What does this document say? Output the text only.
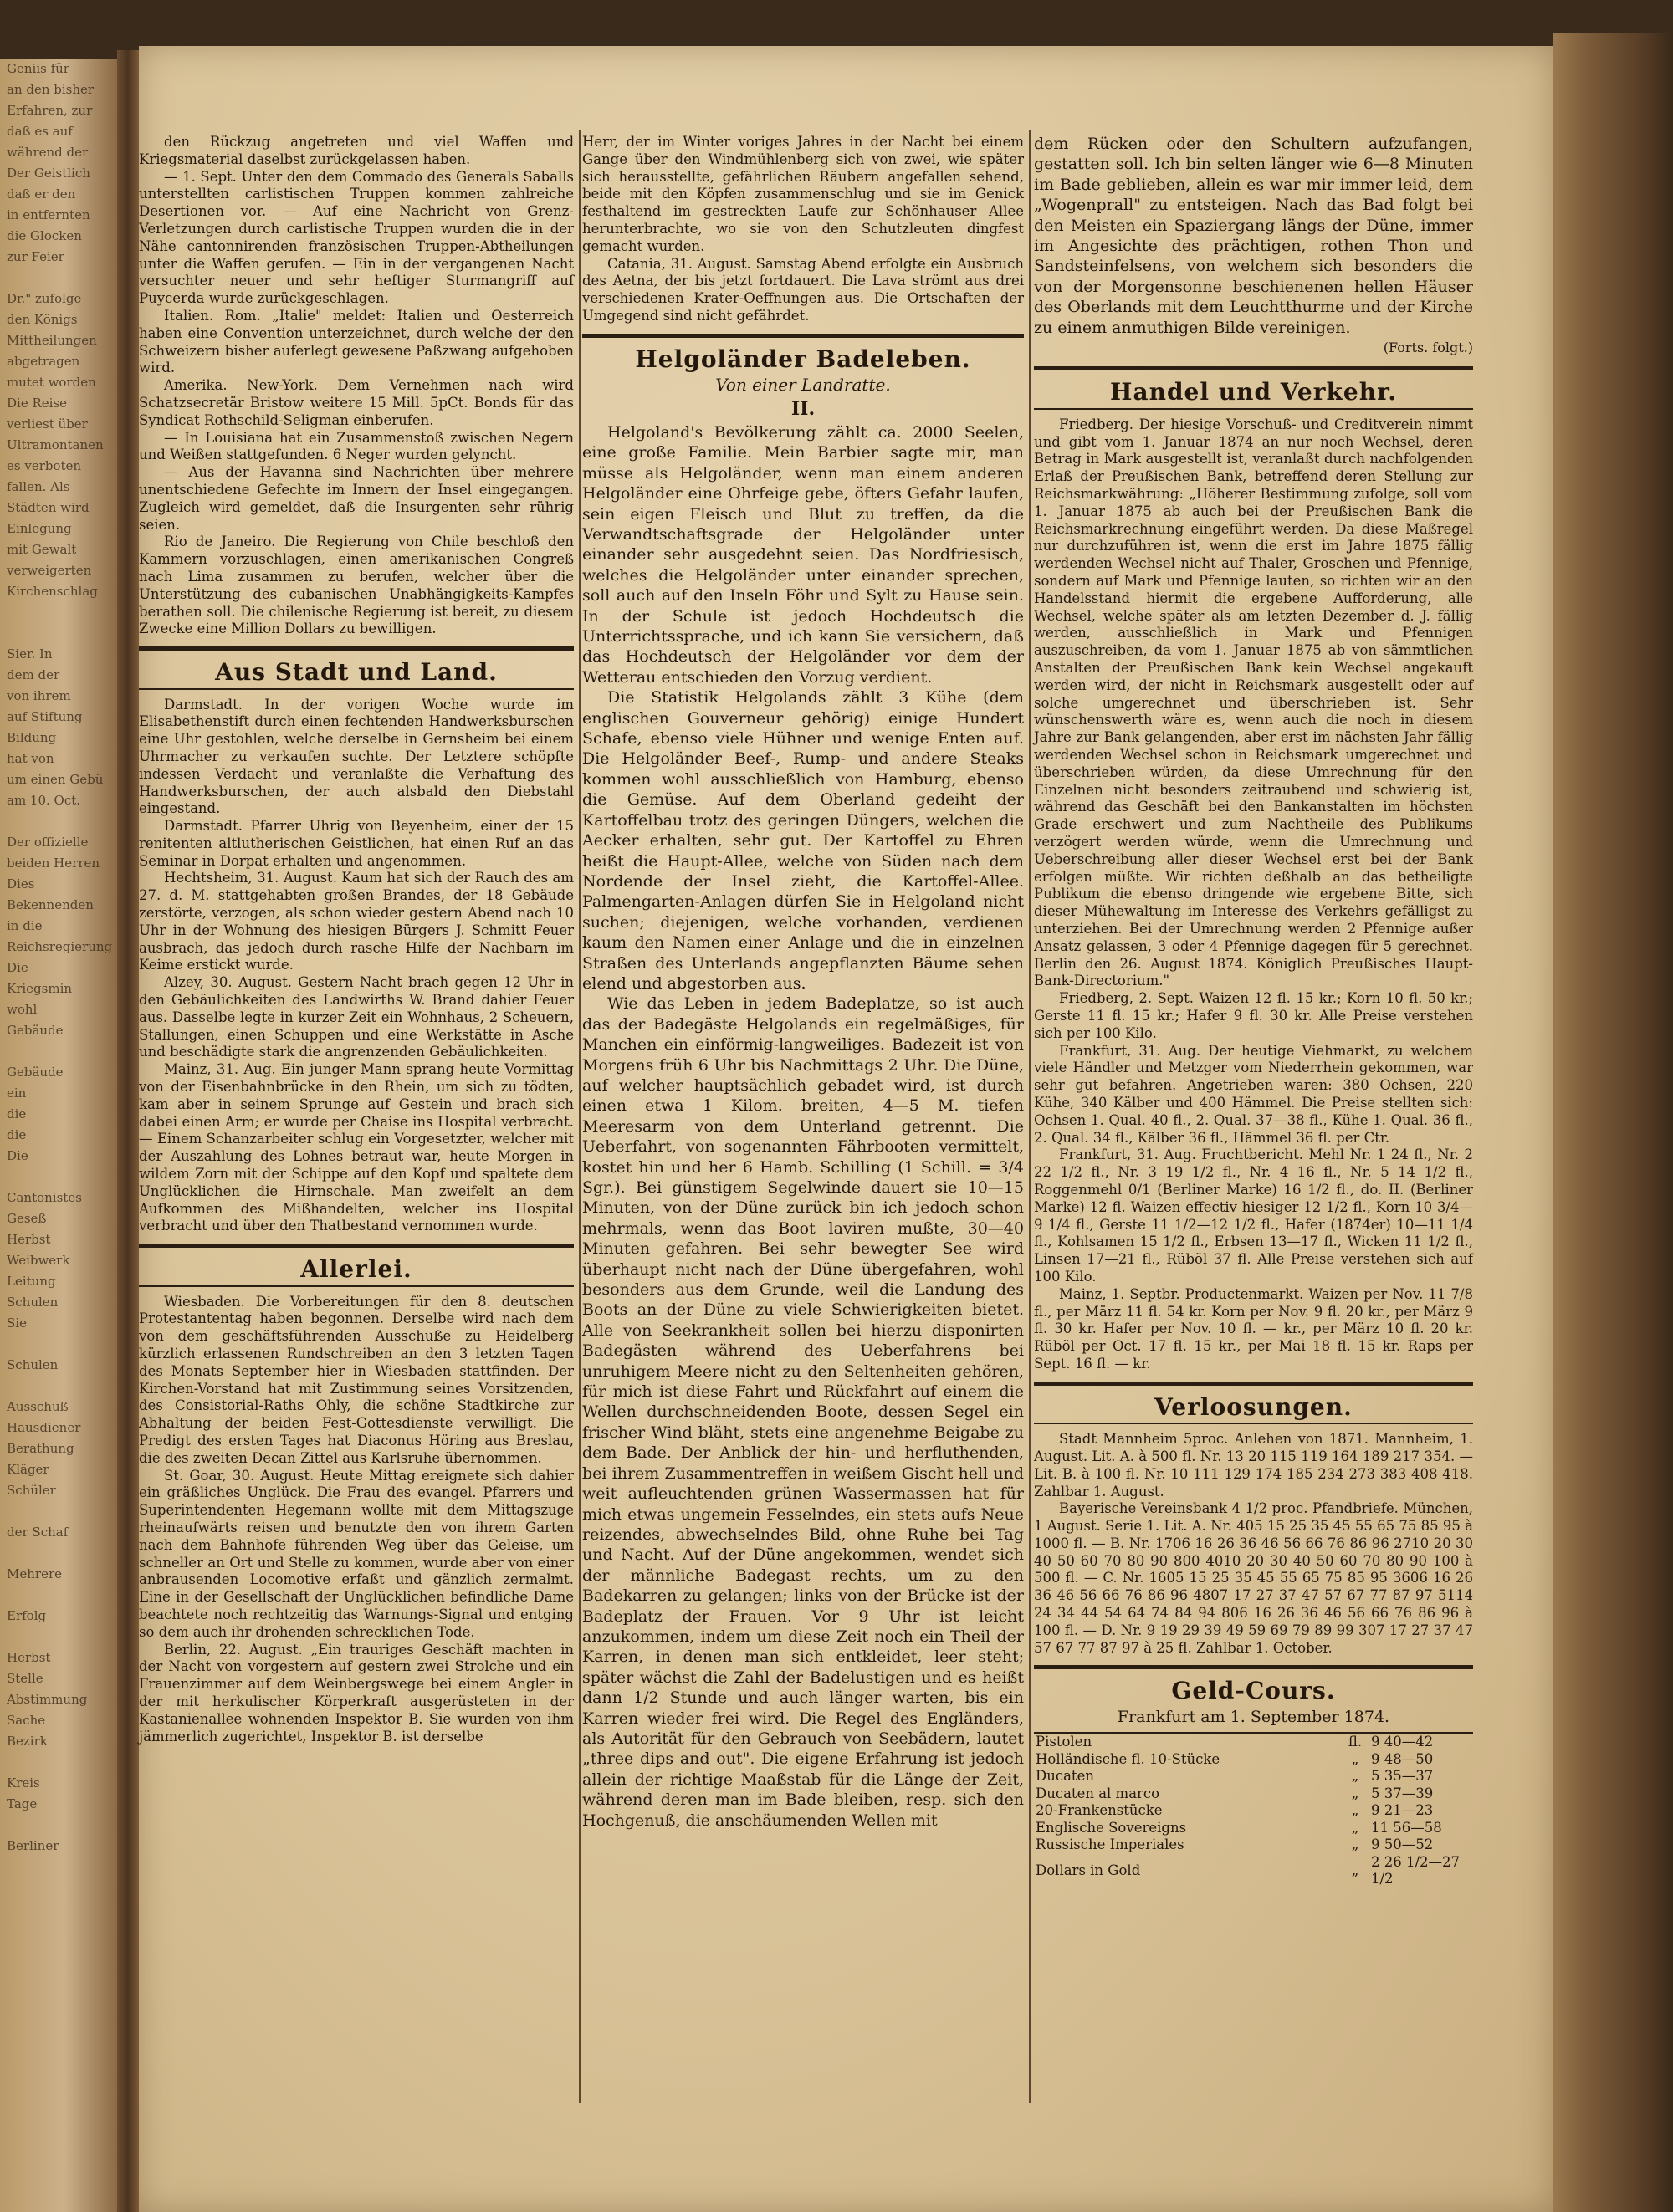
Geniis für

an den bisher

Erfahren, zur

daß es auf

während der

Der Geistlich

daß er den

in entfernten

die Glocken

zur Feier

Dr." zufolge

den Königs

Mittheilungen

abgetragen

mutet worden

Die Reise

verliest über

Ultramontanen

es verboten

fallen. Als

Städten wird

Einlegung

mit Gewalt

verweigerten

Kirchenschlag

Sier. In

dem der

von ihrem

auf Stiftung

Bildung

hat von

um einen Gebü

am 10. Oct.

Der offizielle

beiden Herren

Dies

Bekennenden

in die

Reichsregierung

Die

Kriegsmin

wohl

Gebäude

Gebäude

ein

die

die

Die

Cantonistes

Geseß

Herbst

Weibwerk

Leitung

Schulen

Sie

Schulen

Ausschuß

Hausdiener

Berathung

Kläger

Schüler

der Schaf

Mehrere

Erfolg

Herbst

Stelle

Abstimmung

Sache

Bezirk

Kreis

Tage

Berliner

den Rückzug angetreten und viel Waffen und Kriegsmaterial daselbst zurückgelassen haben.

— 1. Sept. Unter den dem Commado des Generals Saballs unterstellten carlistischen Truppen kommen zahlreiche Desertionen vor. — Auf eine Nachricht von Grenz-Verletzungen durch carlistische Truppen wurden die in der Nähe cantonnirenden französischen Truppen-Abtheilungen unter die Waffen gerufen. — Ein in der vergangenen Nacht versuchter neuer und sehr heftiger Sturmangriff auf Puycerda wurde zurückgeschlagen.

Italien. Rom. „Italie" meldet: Italien und Oesterreich haben eine Convention unterzeichnet, durch welche der den Schweizern bisher auferlegt gewesene Paßzwang aufgehoben wird.

Amerika. New-York. Dem Vernehmen nach wird Schatzsecretär Bristow weitere 15 Mill. 5pCt. Bonds für das Syndicat Rothschild-Seligman einberufen.

— In Louisiana hat ein Zusammenstoß zwischen Negern und Weißen stattgefunden. 6 Neger wurden gelyncht.

— Aus der Havanna sind Nachrichten über mehrere unentschiedene Gefechte im Innern der Insel eingegangen. Zugleich wird gemeldet, daß die Insurgenten sehr rührig seien.

Rio de Janeiro. Die Regierung von Chile beschloß den Kammern vorzuschlagen, einen amerikanischen Congreß nach Lima zusammen zu berufen, welcher über die Unterstützung des cubanischen Unabhängigkeits-Kampfes berathen soll. Die chilenische Regierung ist bereit, zu diesem Zwecke eine Million Dollars zu bewilligen.

Aus Stadt und Land.

Darmstadt. In der vorigen Woche wurde im Elisabethenstift durch einen fechtenden Handwerksburschen eine Uhr gestohlen, welche derselbe in Gernsheim bei einem Uhrmacher zu verkaufen suchte. Der Letztere schöpfte indessen Verdacht und veranlaßte die Verhaftung des Handwerksburschen, der auch alsbald den Diebstahl eingestand.

Darmstadt. Pfarrer Uhrig von Beyenheim, einer der 15 renitenten altlutherischen Geistlichen, hat einen Ruf an das Seminar in Dorpat erhalten und angenommen.

Hechtsheim, 31. August. Kaum hat sich der Rauch des am 27. d. M. stattgehabten großen Brandes, der 18 Gebäude zerstörte, verzogen, als schon wieder gestern Abend nach 10 Uhr in der Wohnung des hiesigen Bürgers J. Schmitt Feuer ausbrach, das jedoch durch rasche Hilfe der Nachbarn im Keime erstickt wurde.

Alzey, 30. August. Gestern Nacht brach gegen 12 Uhr in den Gebäulichkeiten des Landwirths W. Brand dahier Feuer aus. Dasselbe legte in kurzer Zeit ein Wohnhaus, 2 Scheuern, Stallungen, einen Schuppen und eine Werkstätte in Asche und beschädigte stark die angrenzenden Gebäulichkeiten.

Mainz, 31. Aug. Ein junger Mann sprang heute Vormittag von der Eisenbahnbrücke in den Rhein, um sich zu tödten, kam aber in seinem Sprunge auf Gestein und brach sich dabei einen Arm; er wurde per Chaise ins Hospital verbracht. — Einem Schanzarbeiter schlug ein Vorgesetzter, welcher mit der Auszahlung des Lohnes betraut war, heute Morgen in wildem Zorn mit der Schippe auf den Kopf und spaltete dem Unglücklichen die Hirnschale. Man zweifelt an dem Aufkommen des Mißhandelten, welcher ins Hospital verbracht und über den Thatbestand vernommen wurde.

Allerlei.

Wiesbaden. Die Vorbereitungen für den 8. deutschen Protestantentag haben begonnen. Derselbe wird nach dem von dem geschäftsführenden Ausschuße zu Heidelberg kürzlich erlassenen Rundschreiben an den 3 letzten Tagen des Monats September hier in Wiesbaden stattfinden. Der Kirchen-Vorstand hat mit Zustimmung seines Vorsitzenden, des Consistorial-Raths Ohly, die schöne Stadtkirche zur Abhaltung der beiden Fest-Gottesdienste verwilligt. Die Predigt des ersten Tages hat Diaconus Höring aus Breslau, die des zweiten Decan Zittel aus Karlsruhe übernommen.

St. Goar, 30. August. Heute Mittag ereignete sich dahier ein gräßliches Unglück. Die Frau des evangel. Pfarrers und Superintendenten Hegemann wollte mit dem Mittagszuge rheinaufwärts reisen und benutzte den von ihrem Garten nach dem Bahnhofe führenden Weg über das Geleise, um schneller an Ort und Stelle zu kommen, wurde aber von einer anbrausenden Locomotive erfaßt und gänzlich zermalmt. Eine in der Gesellschaft der Unglücklichen befindliche Dame beachtete noch rechtzeitig das Warnungs-Signal und entging so dem auch ihr drohenden schrecklichen Tode.

Berlin, 22. August. „Ein trauriges Geschäft machten in der Nacht von vorgestern auf gestern zwei Strolche und ein Frauenzimmer auf dem Weinbergswege bei einem Angler in der mit herkulischer Körperkraft ausgerüsteten in der Kastanienallee wohnenden Inspektor B. Sie wurden von ihm jämmerlich zugerichtet, Inspektor B. ist derselbe

Herr, der im Winter voriges Jahres in der Nacht bei einem Gange über den Windmühlenberg sich von zwei, wie später sich herausstellte, gefährlichen Räubern angefallen sehend, beide mit den Köpfen zusammenschlug und sie im Genick festhaltend im gestreckten Laufe zur Schönhauser Allee herunterbrachte, wo sie von den Schutzleuten dingfest gemacht wurden.

Catania, 31. August. Samstag Abend erfolgte ein Ausbruch des Aetna, der bis jetzt fortdauert. Die Lava strömt aus drei verschiedenen Krater-Oeffnungen aus. Die Ortschaften der Umgegend sind nicht gefährdet.

Helgoländer Badeleben.
Von einer Landratte.
II.

Helgoland's Bevölkerung zählt ca. 2000 Seelen, eine große Familie. Mein Barbier sagte mir, man müsse als Helgoländer, wenn man einem anderen Helgoländer eine Ohrfeige gebe, öfters Gefahr laufen, sein eigen Fleisch und Blut zu treffen, da die Verwandtschaftsgrade der Helgoländer unter einander sehr ausgedehnt seien. Das Nordfriesisch, welches die Helgoländer unter einander sprechen, soll auch auf den Inseln Föhr und Sylt zu Hause sein. In der Schule ist jedoch Hochdeutsch die Unterrichtssprache, und ich kann Sie versichern, daß das Hochdeutsch der Helgoländer vor dem der Wetterau entschieden den Vorzug verdient.

Die Statistik Helgolands zählt 3 Kühe (dem englischen Gouverneur gehörig) einige Hundert Schafe, ebenso viele Hühner und wenige Enten auf. Die Helgoländer Beef-, Rump- und andere Steaks kommen wohl ausschließlich von Hamburg, ebenso die Gemüse. Auf dem Oberland gedeiht der Kartoffelbau trotz des geringen Düngers, welchen die Aecker erhalten, sehr gut. Der Kartoffel zu Ehren heißt die Haupt-Allee, welche von Süden nach dem Nordende der Insel zieht, die Kartoffel-Allee. Palmengarten-Anlagen dürfen Sie in Helgoland nicht suchen; diejenigen, welche vorhanden, verdienen kaum den Namen einer Anlage und die in einzelnen Straßen des Unterlands angepflanzten Bäume sehen elend und abgestorben aus.

Wie das Leben in jedem Badeplatze, so ist auch das der Badegäste Helgolands ein regelmäßiges, für Manchen ein einförmig-langweiliges. Badezeit ist von Morgens früh 6 Uhr bis Nachmittags 2 Uhr. Die Düne, auf welcher hauptsächlich gebadet wird, ist durch einen etwa 1 Kilom. breiten, 4—5 M. tiefen Meeresarm von dem Unterland getrennt. Die Ueberfahrt, von sogenannten Fährbooten vermittelt, kostet hin und her 6 Hamb. Schilling (1 Schill. = 3/4 Sgr.). Bei günstigem Segelwinde dauert sie 10—15 Minuten, von der Düne zurück bin ich jedoch schon mehrmals, wenn das Boot laviren mußte, 30—40 Minuten gefahren. Bei sehr bewegter See wird überhaupt nicht nach der Düne übergefahren, wohl besonders aus dem Grunde, weil die Landung des Boots an der Düne zu viele Schwierigkeiten bietet. Alle von Seekrankheit sollen bei hierzu disponirten Badegästen während des Ueberfahrens bei unruhigem Meere nicht zu den Seltenheiten gehören, für mich ist diese Fahrt und Rückfahrt auf einem die Wellen durchschneidenden Boote, dessen Segel ein frischer Wind bläht, stets eine angenehme Beigabe zu dem Bade. Der Anblick der hin- und herfluthenden, bei ihrem Zusammentreffen in weißem Gischt hell und weit aufleuchtenden grünen Wassermassen hat für mich etwas ungemein Fesselndes, ein stets aufs Neue reizendes, abwechselndes Bild, ohne Ruhe bei Tag und Nacht. Auf der Düne angekommen, wendet sich der männliche Badegast rechts, um zu den Badekarren zu gelangen; links von der Brücke ist der Badeplatz der Frauen. Vor 9 Uhr ist leicht anzukommen, indem um diese Zeit noch ein Theil der Karren, in denen man sich entkleidet, leer steht; später wächst die Zahl der Badelustigen und es heißt dann 1/2 Stunde und auch länger warten, bis ein Karren wieder frei wird. Die Regel des Engländers, als Autorität für den Gebrauch von Seebädern, lautet „three dips and out". Die eigene Erfahrung ist jedoch allein der richtige Maaßstab für die Länge der Zeit, während deren man im Bade bleiben, resp. sich den Hochgenuß, die anschäumenden Wellen mit

dem Rücken oder den Schultern aufzufangen, gestatten soll. Ich bin selten länger wie 6—8 Minuten im Bade geblieben, allein es war mir immer leid, dem „Wogenprall" zu entsteigen. Nach das Bad folgt bei den Meisten ein Spaziergang längs der Düne, immer im Angesichte des prächtigen, rothen Thon und Sandsteinfelsens, von welchem sich besonders die von der Morgensonne beschienenen hellen Häuser des Oberlands mit dem Leuchtthurme und der Kirche zu einem anmuthigen Bilde vereinigen.

(Forts. folgt.)

Handel und Verkehr.

Friedberg. Der hiesige Vorschuß- und Creditverein nimmt und gibt vom 1. Januar 1874 an nur noch Wechsel, deren Betrag in Mark ausgestellt ist, veranlaßt durch nachfolgenden Erlaß der Preußischen Bank, betreffend deren Stellung zur Reichsmarkwährung: „Höherer Bestimmung zufolge, soll vom 1. Januar 1875 ab auch bei der Preußischen Bank die Reichsmarkrechnung eingeführt werden. Da diese Maßregel nur durchzuführen ist, wenn die erst im Jahre 1875 fällig werdenden Wechsel nicht auf Thaler, Groschen und Pfennige, sondern auf Mark und Pfennige lauten, so richten wir an den Handelsstand hiermit die ergebene Aufforderung, alle Wechsel, welche später als am letzten Dezember d. J. fällig werden, ausschließlich in Mark und Pfennigen auszuschreiben, da vom 1. Januar 1875 ab von sämmtlichen Anstalten der Preußischen Bank kein Wechsel angekauft werden wird, der nicht in Reichsmark ausgestellt oder auf solche umgerechnet und überschrieben ist. Sehr wünschenswerth wäre es, wenn auch die noch in diesem Jahre zur Bank gelangenden, aber erst im nächsten Jahr fällig werdenden Wechsel schon in Reichsmark umgerechnet und überschrieben würden, da diese Umrechnung für den Einzelnen nicht besonders zeitraubend und schwierig ist, während das Geschäft bei den Bankanstalten im höchsten Grade erschwert und zum Nachtheile des Publikums verzögert werden würde, wenn die Umrechnung und Ueberschreibung aller dieser Wechsel erst bei der Bank erfolgen müßte. Wir richten deßhalb an das betheiligte Publikum die ebenso dringende wie ergebene Bitte, sich dieser Mühewaltung im Interesse des Verkehrs gefälligst zu unterziehen. Bei der Umrechnung werden 2 Pfennige außer Ansatz gelassen, 3 oder 4 Pfennige dagegen für 5 gerechnet. Berlin den 26. August 1874. Königlich Preußisches Haupt-Bank-Directorium."

Friedberg, 2. Sept. Waizen 12 fl. 15 kr.; Korn 10 fl. 50 kr.; Gerste 11 fl. 15 kr.; Hafer 9 fl. 30 kr. Alle Preise verstehen sich per 100 Kilo.

Frankfurt, 31. Aug. Der heutige Viehmarkt, zu welchem viele Händler und Metzger vom Niederrhein gekommen, war sehr gut befahren. Angetrieben waren: 380 Ochsen, 220 Kühe, 340 Kälber und 400 Hämmel. Die Preise stellten sich: Ochsen 1. Qual. 40 fl., 2. Qual. 37—38 fl., Kühe 1. Qual. 36 fl., 2. Qual. 34 fl., Kälber 36 fl., Hämmel 36 fl. per Ctr.

Frankfurt, 31. Aug. Fruchtbericht. Mehl Nr. 1 24 fl., Nr. 2 22 1/2 fl., Nr. 3 19 1/2 fl., Nr. 4 16 fl., Nr. 5 14 1/2 fl., Roggenmehl 0/1 (Berliner Marke) 16 1/2 fl., do. II. (Berliner Marke) 12 fl. Waizen effectiv hiesiger 12 1/2 fl., Korn 10 3/4—9 1/4 fl., Gerste 11 1/2—12 1/2 fl., Hafer (1874er) 10—11 1/4 fl., Kohlsamen 15 1/2 fl., Erbsen 13—17 fl., Wicken 11 1/2 fl., Linsen 17—21 fl., Rüböl 37 fl. Alle Preise verstehen sich auf 100 Kilo.

Mainz, 1. Septbr. Productenmarkt. Waizen per Nov. 11 7/8 fl., per März 11 fl. 54 kr. Korn per Nov. 9 fl. 20 kr., per März 9 fl. 30 kr. Hafer per Nov. 10 fl. — kr., per März 10 fl. 20 kr. Rüböl per Oct. 17 fl. 15 kr., per Mai 18 fl. 15 kr. Raps per Sept. 16 fl. — kr.

Verloosungen.

Stadt Mannheim 5proc. Anlehen von 1871. Mannheim, 1. August. Lit. A. à 500 fl. Nr. 13 20 115 119 164 189 217 354. — Lit. B. à 100 fl. Nr. 10 111 129 174 185 234 273 383 408 418. Zahlbar 1. August.

Bayerische Vereinsbank 4 1/2 proc. Pfandbriefe. München, 1 August. Serie 1. Lit. A. Nr. 405 15 25 35 45 55 65 75 85 95 à 1000 fl. — B. Nr. 1706 16 26 36 46 56 66 76 86 96 2710 20 30 40 50 60 70 80 90 800 4010 20 30 40 50 60 70 80 90 100 à 500 fl. — C. Nr. 1605 15 25 35 45 55 65 75 85 95 3606 16 26 36 46 56 66 76 86 96 4807 17 27 37 47 57 67 77 87 97 5114 24 34 44 54 64 74 84 94 806 16 26 36 46 56 66 76 86 96 à 100 fl. — D. Nr. 9 19 29 39 49 59 69 79 89 99 307 17 27 37 47 57 67 77 87 97 à 25 fl. Zahlbar 1. October.

Geld-Cours.
Frankfurt am 1. September 1874.
Pistolen	fl.	9 40—42
Holländische fl. 10-Stücke	„	9 48—50
Ducaten	„	5 35—37
Ducaten al marco	„	5 37—39
20-Frankenstücke	„	9 21—23
Englische Sovereigns	„	11 56—58
Russische Imperiales	„	9 50—52
Dollars in Gold	„	2 26 1/2—27 1/2
